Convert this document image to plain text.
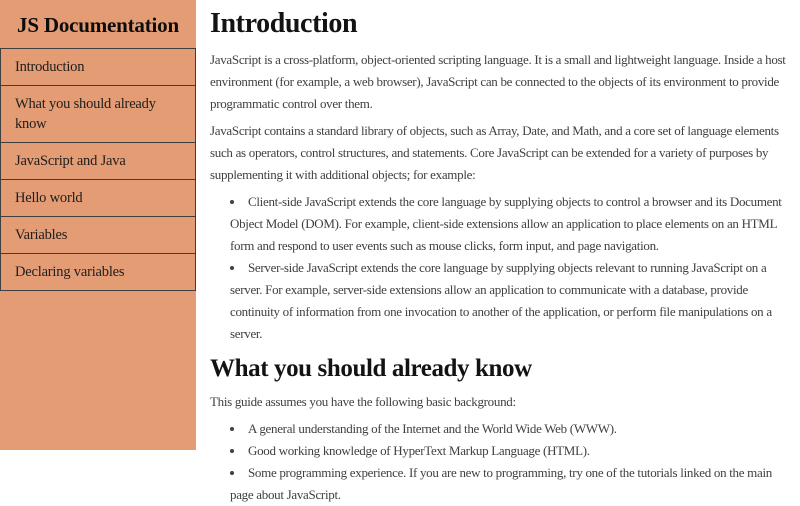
JS Documentation
Introduction
What you should already know
JavaScript and Java
Hello world
Variables
Declaring variables
Introduction

JavaScript is a cross-platform, object-oriented scripting language. It is a small and lightweight language. Inside a host environment (for example, a web browser), JavaScript can be connected to the objects of its environment to provide programmatic control over them.

JavaScript contains a standard library of objects, such as Array, Date, and Math, and a core set of language elements such as operators, control structures, and statements. Core JavaScript can be extended for a variety of purposes by supplementing it with additional objects; for example:

• Client-side JavaScript extends the core language by supplying objects to control a browser and its Document Object Model (DOM). For example, client-side extensions allow an application to place elements on an HTML form and respond to user events such as mouse clicks, form input, and page navigation.
• Server-side JavaScript extends the core language by supplying objects relevant to running JavaScript on a server. For example, server-side extensions allow an application to communicate with a database, provide continuity of information from one invocation to another of the application, or perform file manipulations on a server.
What you should already know

This guide assumes you have the following basic background:

• A general understanding of the Internet and the World Wide Web (WWW).
• Good working knowledge of HyperText Markup Language (HTML).
• Some programming experience. If you are new to programming, try one of the tutorials linked on the main page about JavaScript.
